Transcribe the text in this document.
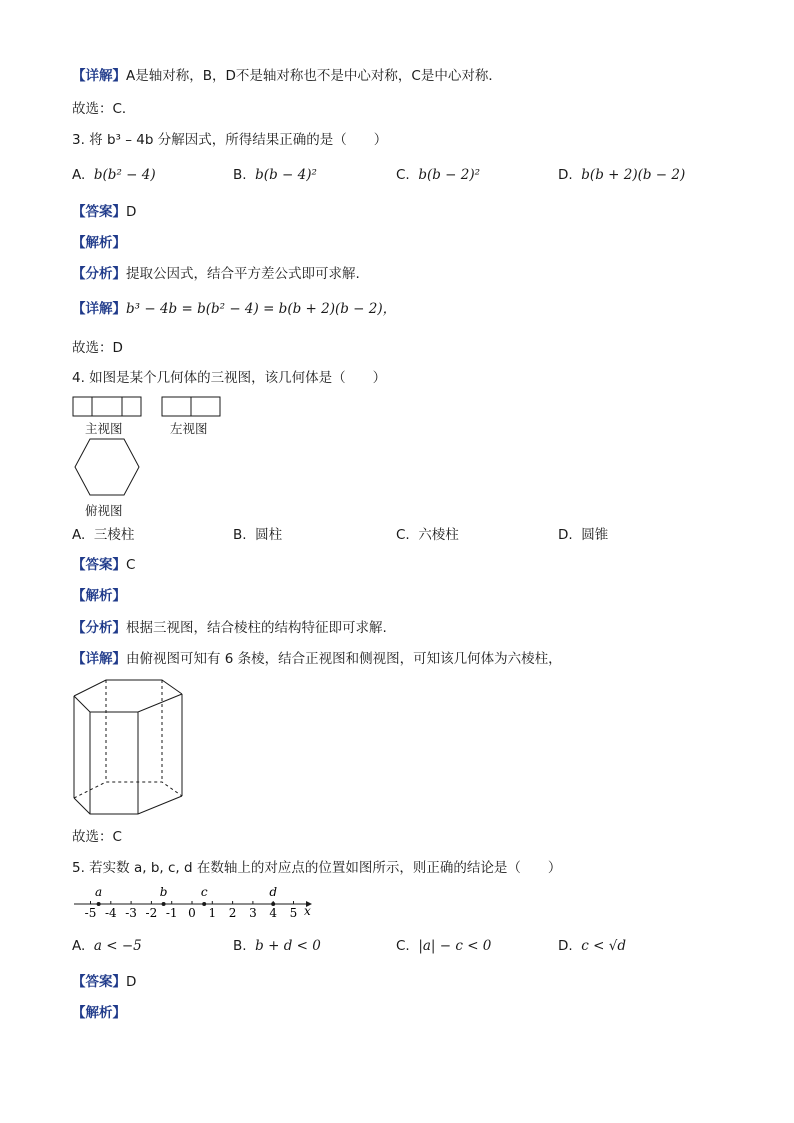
【详解】A是轴对称，B，D不是轴对称也不是中心对称，C是中心对称．
故选：C．
3. 将 b³ – 4b 分解因式，所得结果正确的是（　　）
A. b(b² − 4)	B. b(b − 4)²	C. b(b − 2)²	D. b(b + 2)(b − 2)
【答案】D
【解析】
【分析】提取公因式，结合平方差公式即可求解.
【详解】b³ − 4b = b(b² − 4) = b(b + 2)(b − 2)，
故选：D
4. 如图是某个几何体的三视图，该几何体是（　　）
主视图	左视图
俯视图
A. 三棱柱	B. 圆柱	C. 六棱柱	D. 圆锥
【答案】C
【解析】
【分析】根据三视图，结合棱柱的结构特征即可求解.
【详解】由俯视图可知有 6 条棱，结合正视图和侧视图，可知该几何体为六棱柱，
故选：C
5. 若实数 a, b, c, d 在数轴上的对应点的位置如图所示，则正确的结论是（　　）
-5 -4 -3 -2 -1 0 1 2 3 4 5
a	b	c	d
x
A. a < −5	B. b + d < 0	C. |a| − c < 0	D. c < √d
【答案】D
【解析】
